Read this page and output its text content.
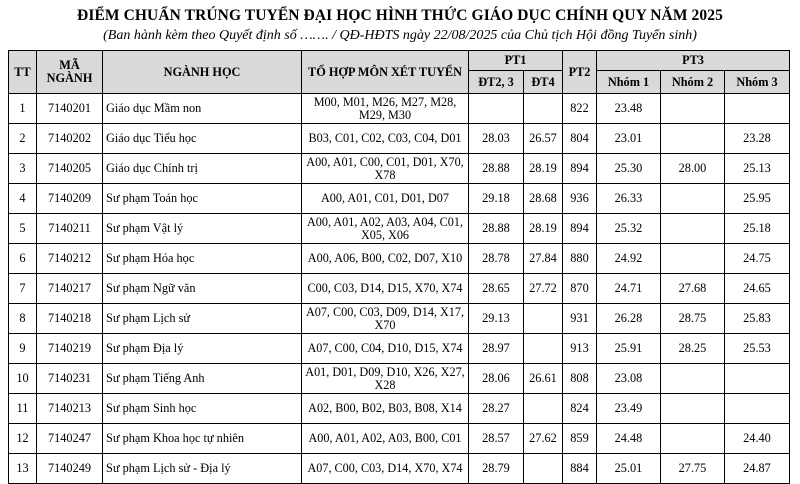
ĐIỂM CHUẨN TRÚNG TUYỂN ĐẠI HỌC HÌNH THỨC GIÁO DỤC CHÍNH QUY NĂM 2025
(Ban hành kèm theo Quyết định số ……. / QĐ-HĐTS ngày 22/08/2025 của Chủ tịch Hội đồng Tuyển sinh)
TT	MÃ NGÀNH	NGÀNH HỌC	TỔ HỢP MÔN XÉT TUYỂN	PT1		PT2	PT3		
				ĐT2, 3	ĐT4		Nhóm 1	Nhóm 2	Nhóm 3
1	7140201	Giáo dục Mầm non	M00, M01, M26, M27, M28, M29, M30			822	23.48		
2	7140202	Giáo dục Tiểu học	B03, C01, C02, C03, C04, D01	28.03	26.57	804	23.01		23.28
3	7140205	Giáo dục Chính trị	A00, A01, C00, C01, D01, X70, X78	28.88	28.19	894	25.30	28.00	25.13
4	7140209	Sư phạm Toán học	A00, A01, C01, D01, D07	29.18	28.68	936	26.33		25.95
5	7140211	Sư phạm Vật lý	A00, A01, A02, A03, A04, C01, X05, X06	28.88	28.19	894	25.32		25.18
6	7140212	Sư phạm Hóa học	A00, A06, B00, C02, D07, X10	28.78	27.84	880	24.92		24.75
7	7140217	Sư phạm Ngữ văn	C00, C03, D14, D15, X70, X74	28.65	27.72	870	24.71	27.68	24.65
8	7140218	Sư phạm Lịch sử	A07, C00, C03, D09, D14, X17, X70	29.13		931	26.28	28.75	25.83
9	7140219	Sư phạm Địa lý	A07, C00, C04, D10, D15, X74	28.97		913	25.91	28.25	25.53
10	7140231	Sư phạm Tiếng Anh	A01, D01, D09, D10, X26, X27, X28	28.06	26.61	808	23.08		
11	7140213	Sư phạm Sinh học	A02, B00, B02, B03, B08, X14	28.27		824	23.49		
12	7140247	Sư phạm Khoa học tự nhiên	A00, A01, A02, A03, B00, C01	28.57	27.62	859	24.48		24.40
13	7140249	Sư phạm Lịch sử - Địa lý	A07, C00, C03, D14, X70, X74	28.79		884	25.01	27.75	24.87
